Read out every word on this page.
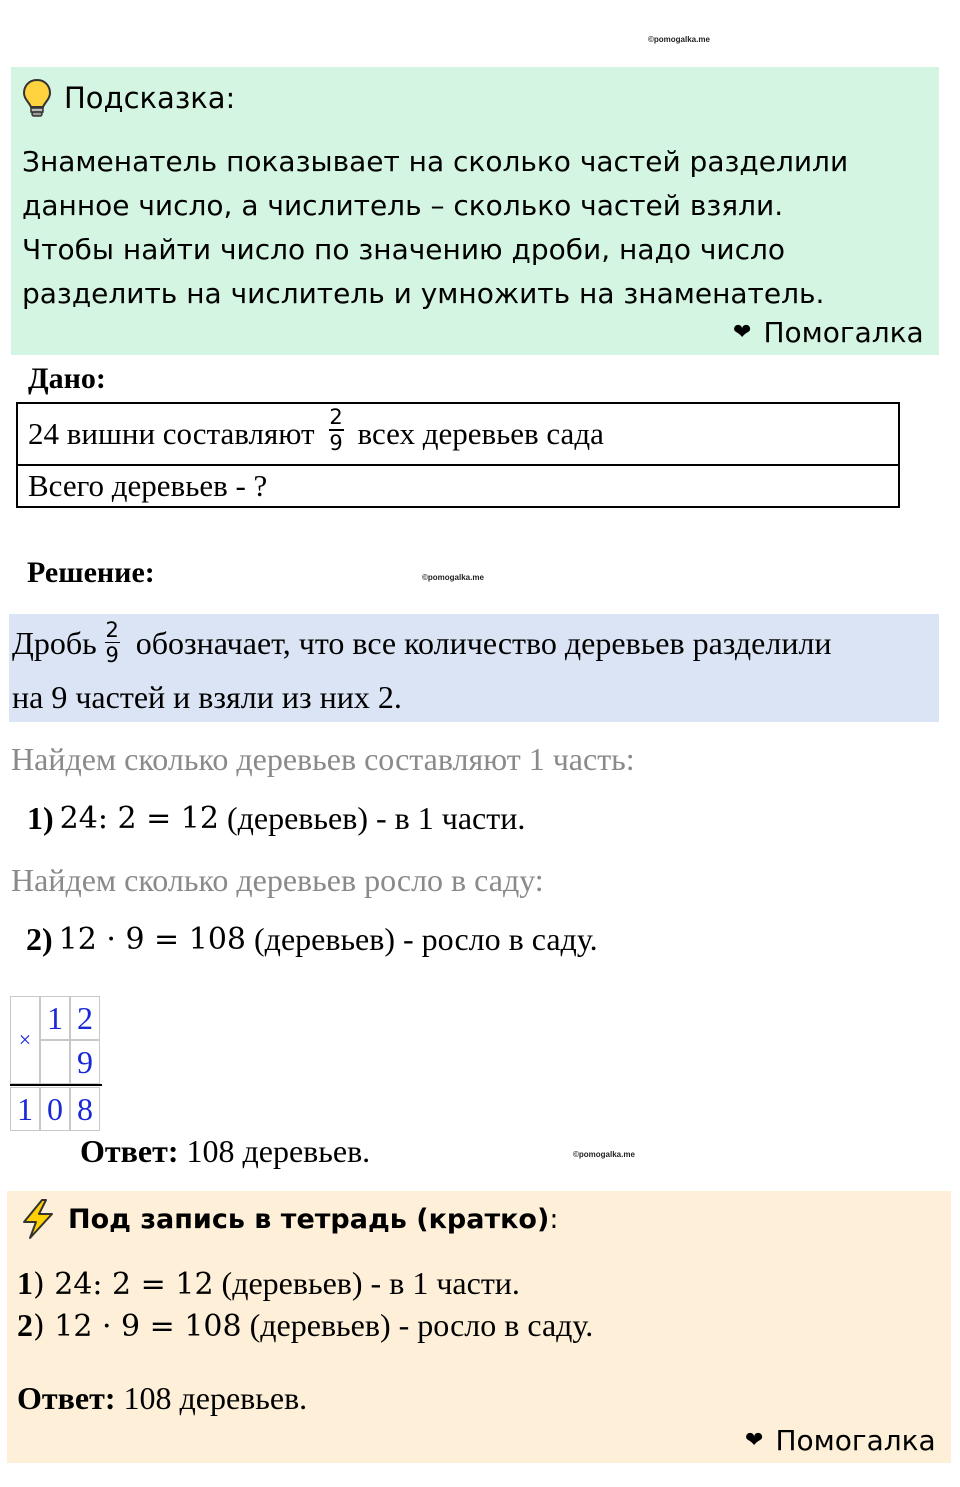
©pomogalka.me
©pomogalka.me
©pomogalka.me
Подсказка:
Знаменатель показывает на сколько частей разделили
данное число, а числитель – сколько частей взяли.
Чтобы найти число по значению дроби, надо число
разделить на числитель и умножить на знаменатель.
❤ Помогалка
Дано:
24 вишни составляют $\frac{2}{9}$ всех деревьев сада
Всего деревьев - ?
Решение:
Дробь $\frac{2}{9}$ обозначает, что все количество деревьев разделили
на 9 частей и взяли из них 2.
Найдем сколько деревьев составляют 1 часть:
1) 24: 2 = 12
(деревьев) - в 1 части.
Найдем сколько деревьев росло в саду:
2) 12 · 9 = 108
(деревьев) - росло в саду.
×
1 2
9
1 0 8
Ответ: 108 деревьев.
Под запись в тетрадь (кратко):
1) 24: 2 = 12 (деревьев) - в 1 части.
2) 12 · 9 = 108 (деревьев) - росло в саду.
Ответ: 108 деревьев.
❤ Помогалка
